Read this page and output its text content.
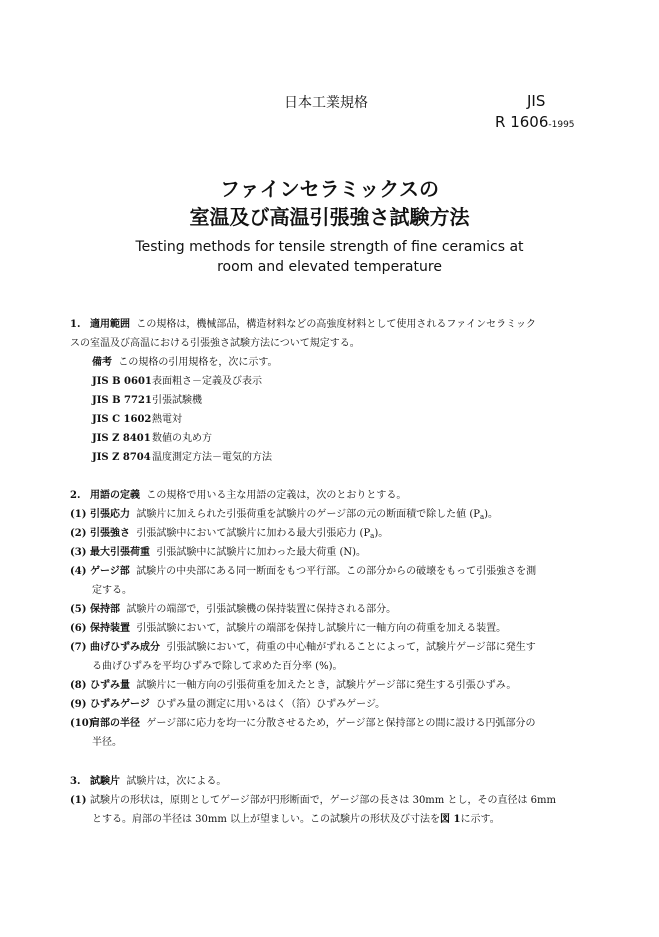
日本工業規格	JIS
R 1606-1995
ファインセラミックスの
室温及び高温引張強さ試験方法
Testing methods for tensile strength of fine ceramics at
room and elevated temperature
1. 適用範囲 この規格は，機械部品，構造材料などの高強度材料として使用されるファインセラミック
スの室温及び高温における引張強さ試験方法について規定する。
備考 この規格の引用規格を，次に示す。
JIS B 0601表面粗さ－定義及び表示
JIS B 7721引張試験機
JIS C 1602熱電対
JIS Z 8401数値の丸め方
JIS Z 8704温度測定方法－電気的方法
2. 用語の定義 この規格で用いる主な用語の定義は，次のとおりとする。
(1) 引張応力 試験片に加えられた引張荷重を試験片のゲージ部の元の断面積で除した値 $(P_a)$。
(2) 引張強さ 引張試験中において試験片に加わる最大引張応力 $(P_a)$。
(3) 最大引張荷重 引張試験中に試験片に加わった最大荷重 (N)。
(4) ゲージ部 試験片の中央部にある同一断面をもつ平行部。この部分からの破壊をもって引張強さを測
定する。
(5) 保持部 試験片の端部で，引張試験機の保持装置に保持される部分。
(6) 保持装置 引張試験において，試験片の端部を保持し試験片に一軸方向の荷重を加える装置。
(7) 曲げひずみ成分 引張試験において，荷重の中心軸がずれることによって，試験片ゲージ部に発生す
る曲げひずみを平均ひずみで除して求めた百分率 (%)。
(8) ひずみ量 試験片に一軸方向の引張荷重を加えたとき，試験片ゲージ部に発生する引張ひずみ。
(9) ひずみゲージ ひずみ量の測定に用いるはく（箔）ひずみゲージ。
(10)肩部の半径 ゲージ部に応力を均一に分散させるため，ゲージ部と保持部との間に設ける円弧部分の
半径。
3. 試験片 試験片は，次による。
(1) 試験片の形状は，原則としてゲージ部が円形断面で，ゲージ部の長さは 30mm とし，その直径は 6mm
とする。肩部の半径は 30mm 以上が望ましい。この試験片の形状及び寸法を図 1に示す。
